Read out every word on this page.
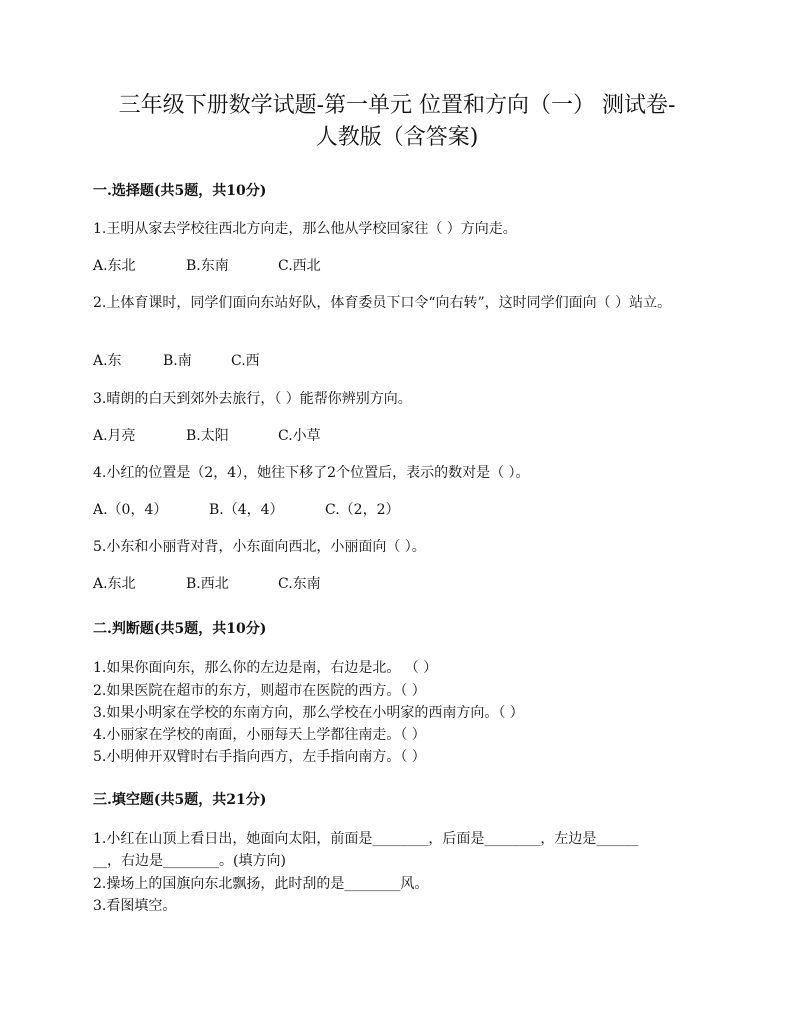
三年级下册数学试题-第一单元 位置和方向（一） 测试卷-
人教版（含答案)

一.选择题(共5题，共10分)

1.王明从家去学校往西北方向走，那么他从学校回家往（ ）方向走。

A.东北	B.东南	C.西北

2.上体育课时，同学们面向东站好队，体育委员下口令“向右转”，这时同学们面向（ ）站立。

A.东	B.南	C.西

3.晴朗的白天到郊外去旅行，（ ）能帮你辨别方向。

A.月亮	B.太阳	C.小草

4.小红的位置是（2，4），她往下移了2个位置后，表示的数对是（ ）。

A.（0，4）	B.（4，4）	C.（2，2）

5.小东和小丽背对背，小东面向西北，小丽面向（ ）。

A.东北	B.西北	C.东南

二.判断题(共5题，共10分)

1.如果你面向东，那么你的左边是南，右边是北。 （ ）

2.如果医院在超市的东方，则超市在医院的西方。（ ）

3.如果小明家在学校的东南方向，那么学校在小明家的西南方向。（ ）

4.小丽家在学校的南面，小丽每天上学都往南走。（ ）

5.小明伸开双臂时右手指向西方，左手指向南方。（ ）

三.填空题(共5题，共21分)

1.小红在山顶上看日出，她面向太阳，前面是________，后面是________，左边是______

__，右边是________。(填方向)

2.操场上的国旗向东北飘扬，此时刮的是________风。

3.看图填空。
